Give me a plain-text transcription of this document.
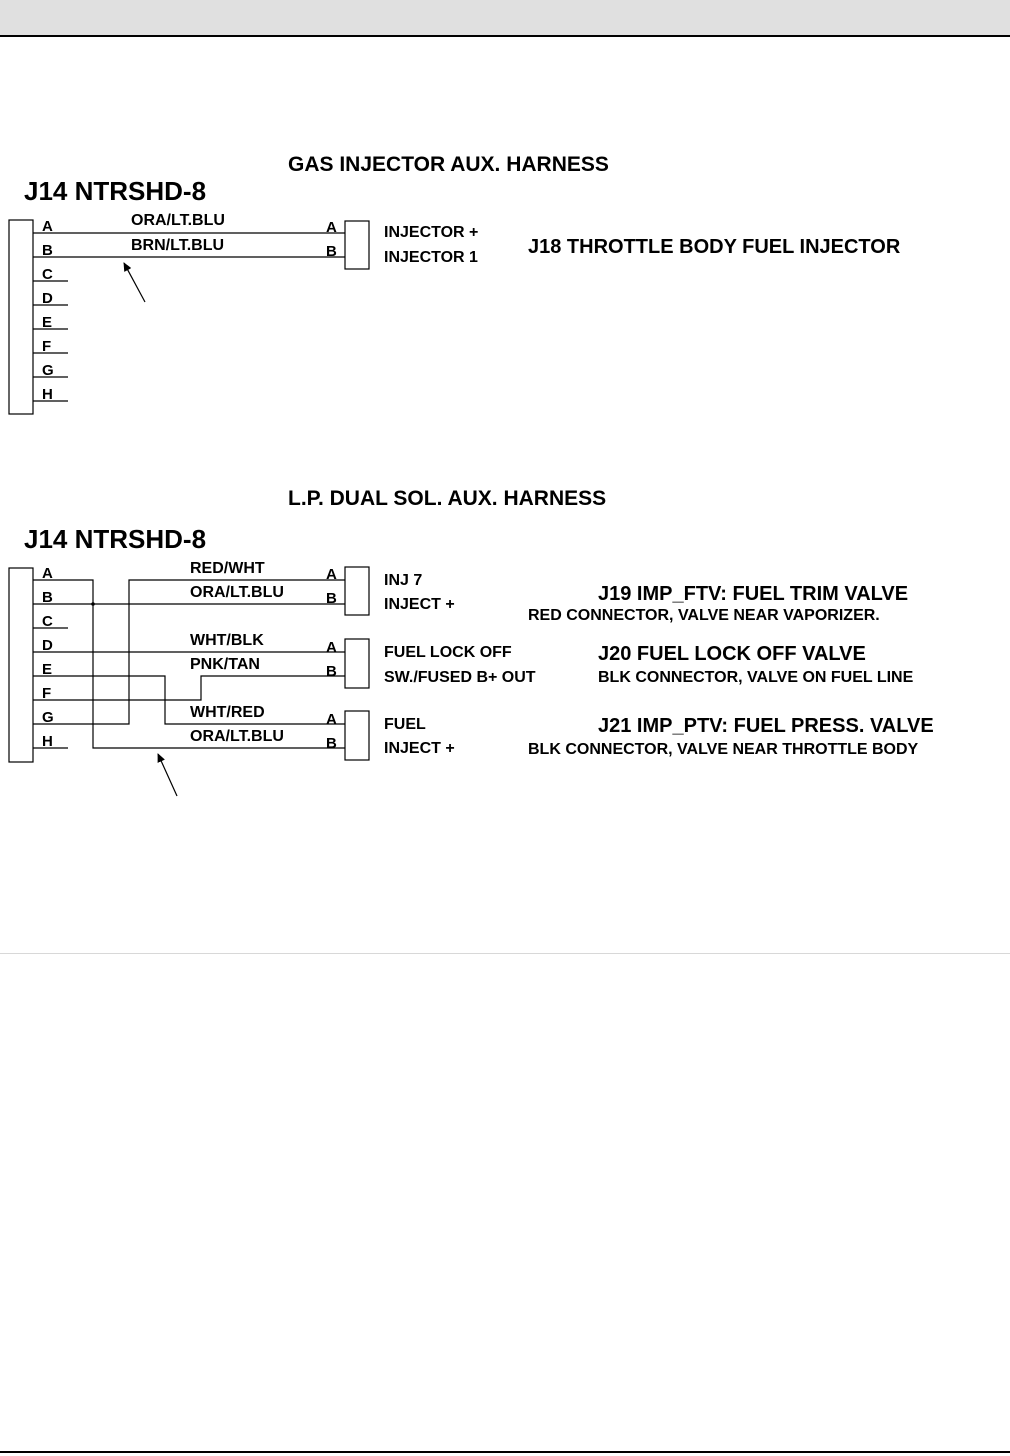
GAS INJECTOR AUX. HARNESS
J14 NTRSHD-8
A
B
C
D
E
F
G
H
ORA/LT.BLU
BRN/LT.BLU
A
B
INJECTOR +
INJECTOR 1	J18 THROTTLE BODY FUEL INJECTOR
L.P. DUAL SOL. AUX. HARNESS
J14 NTRSHD-8
A
B
C
D
E
F
G
H
RED/WHT
ORA/LT.BLU
WHT/BLK
PNK/TAN
WHT/RED
ORA/LT.BLU
A
B
INJ 7
INJECT +	J19 IMP_FTV: FUEL TRIM VALVE
RED CONNECTOR, VALVE NEAR VAPORIZER.
A
B
FUEL LOCK OFF
SW./FUSED B+ OUT
J20 FUEL LOCK OFF VALVE
BLK CONNECTOR, VALVE ON FUEL LINE
A
B
FUEL
INJECT +
J21 IMP_PTV: FUEL PRESS. VALVE
BLK CONNECTOR, VALVE NEAR THROTTLE BODY
